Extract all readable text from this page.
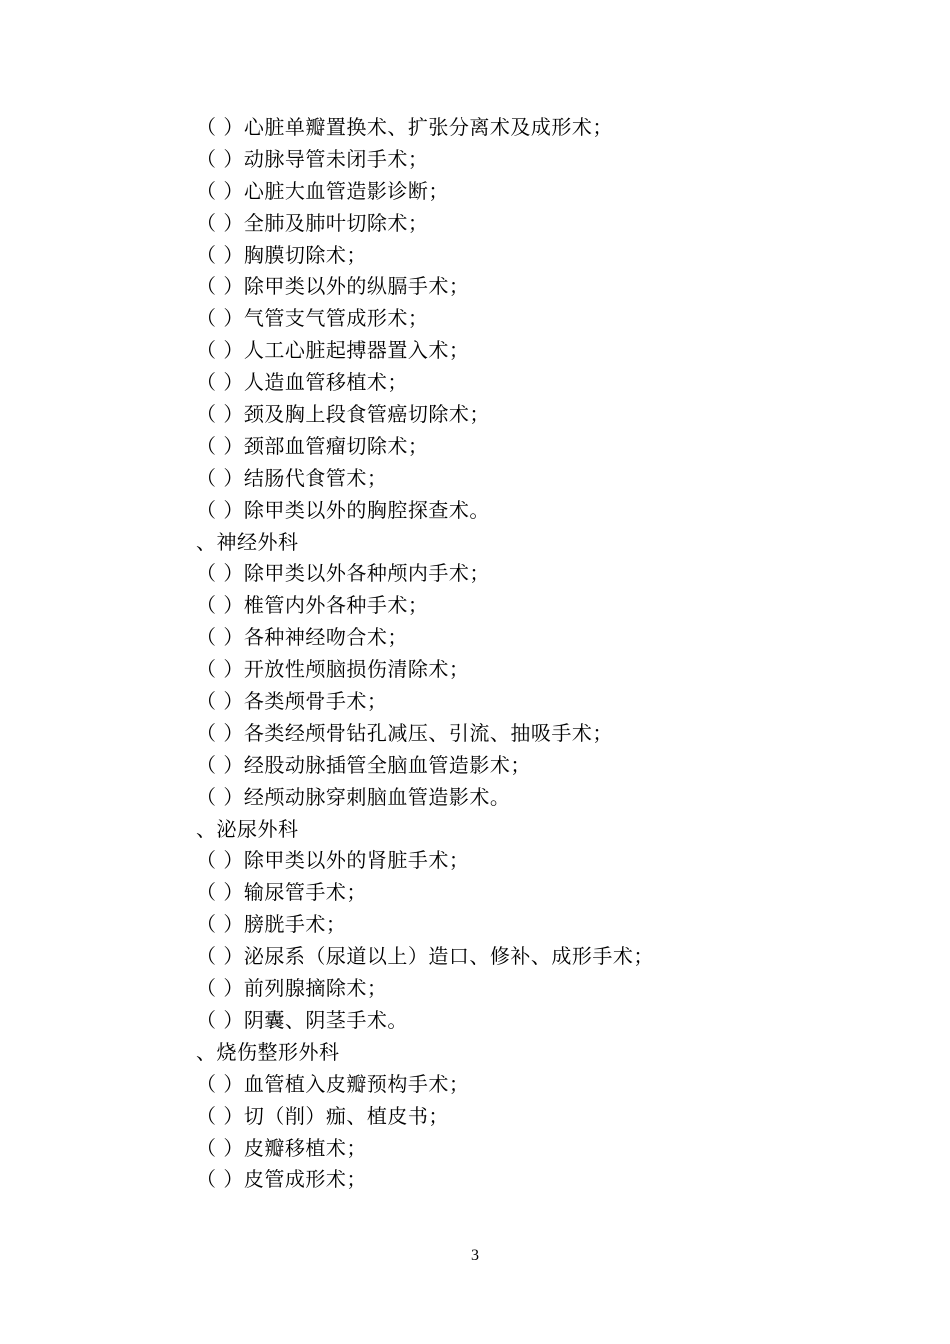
（ ）心脏单瓣置换术、扩张分离术及成形术；
（ ）动脉导管未闭手术；
（ ）心脏大血管造影诊断；
（ ）全肺及肺叶切除术；
（ ）胸膜切除术；
（ ）除甲类以外的纵膈手术；
（ ）气管支气管成形术；
（ ）人工心脏起搏器置入术；
（ ）人造血管移植术；
（ ）颈及胸上段食管癌切除术；
（ ）颈部血管瘤切除术；
（ ）结肠代食管术；
（ ）除甲类以外的胸腔探查术。
、神经外科
（ ）除甲类以外各种颅内手术；
（ ）椎管内外各种手术；
（ ）各种神经吻合术；
（ ）开放性颅脑损伤清除术；
（ ）各类颅骨手术；
（ ）各类经颅骨钻孔减压、引流、抽吸手术；
（ ）经股动脉插管全脑血管造影术；
（ ）经颅动脉穿刺脑血管造影术。
、泌尿外科
（ ）除甲类以外的肾脏手术；
（ ）输尿管手术；
（ ）膀胱手术；
（ ）泌尿系（尿道以上）造口、修补、成形手术；
（ ）前列腺摘除术；
（ ）阴囊、阴茎手术。
、烧伤整形外科
（ ）血管植入皮瓣预构手术；
（ ）切（削）痂、植皮书；
（ ）皮瓣移植术；
（ ）皮管成形术；
3
